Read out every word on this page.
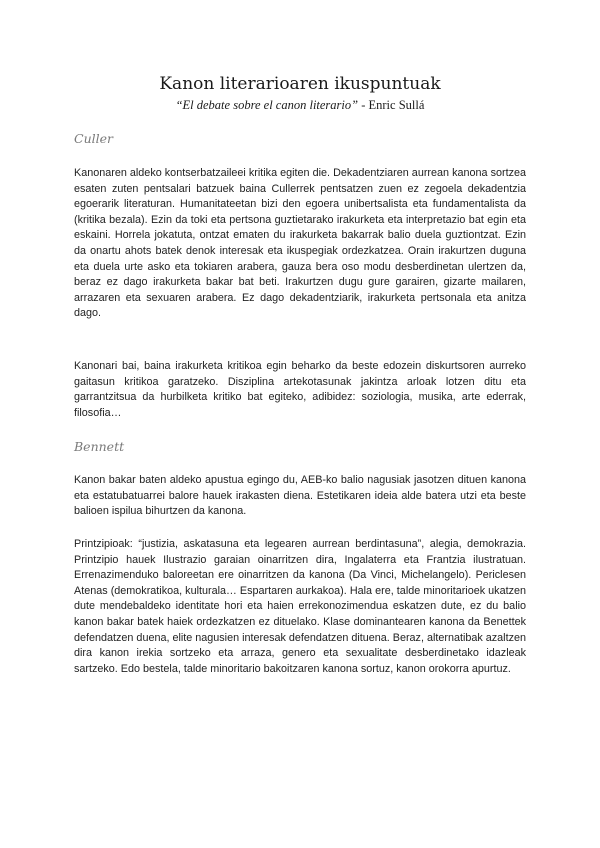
Kanon literarioaren ikuspuntuak

“El debate sobre el canon literario” - Enric Sullá

Culler

Kanonaren aldeko kontserbatzaileei kritika egiten die. Dekadentziaren aurrean kanona sortzea esaten zuten pentsalari batzuek baina Cullerrek pentsatzen zuen ez zegoela dekadentzia egoerarik literaturan. Humanitateetan bizi den egoera unibertsalista eta fundamentalista da (kritika bezala). Ezin da toki eta pertsona guztietarako irakurketa eta interpretazio bat egin eta eskaini. Horrela jokatuta, ontzat ematen du irakurketa bakarrak balio duela guztiontzat. Ezin da onartu ahots batek denok interesak eta ikuspegiak ordezkatzea. Orain irakurtzen duguna eta duela urte asko eta tokiaren arabera, gauza bera oso modu desberdinetan ulertzen da, beraz ez dago irakurketa bakar bat beti. Irakurtzen dugu gure garairen, gizarte mailaren, arrazaren eta sexuaren arabera. Ez dago dekadentziarik, irakurketa pertsonala eta anitza dago.

Kanonari bai, baina irakurketa kritikoa egin beharko da beste edozein diskurtsoren aurreko gaitasun kritikoa garatzeko. Disziplina artekotasunak jakintza arloak lotzen ditu eta garrantzitsua da hurbilketa kritiko bat egiteko, adibidez: soziologia, musika, arte ederrak, filosofia…

Bennett

Kanon bakar baten aldeko apustua egingo du, AEB-ko balio nagusiak jasotzen dituen kanona eta estatubatuarrei balore hauek irakasten diena. Estetikaren ideia alde batera utzi eta beste balioen ispilua bihurtzen da kanona.

Printzipioak: “justizia, askatasuna eta legearen aurrean berdintasuna”, alegia, demokrazia. Printzipio hauek Ilustrazio garaian oinarritzen dira, Ingalaterra eta Frantzia ilustratuan. Errenazimenduko baloreetan ere oinarritzen da kanona (Da Vinci, Michelangelo). Periclesen Atenas (demokratikoa, kulturala… Espartaren aurkakoa). Hala ere, talde minoritarioek ukatzen dute mendebaldeko identitate hori eta haien errekonozimendua eskatzen dute, ez du balio kanon bakar batek haiek ordezkatzen ez dituelako. Klase dominantearen kanona da Benettek defendatzen duena, elite nagusien interesak defendatzen dituena. Beraz, alternatibak azaltzen dira kanon irekia sortzeko eta arraza, genero eta sexualitate desberdinetako idazleak sartzeko. Edo bestela, talde minoritario bakoitzaren kanona sortuz, kanon orokorra apurtuz.
